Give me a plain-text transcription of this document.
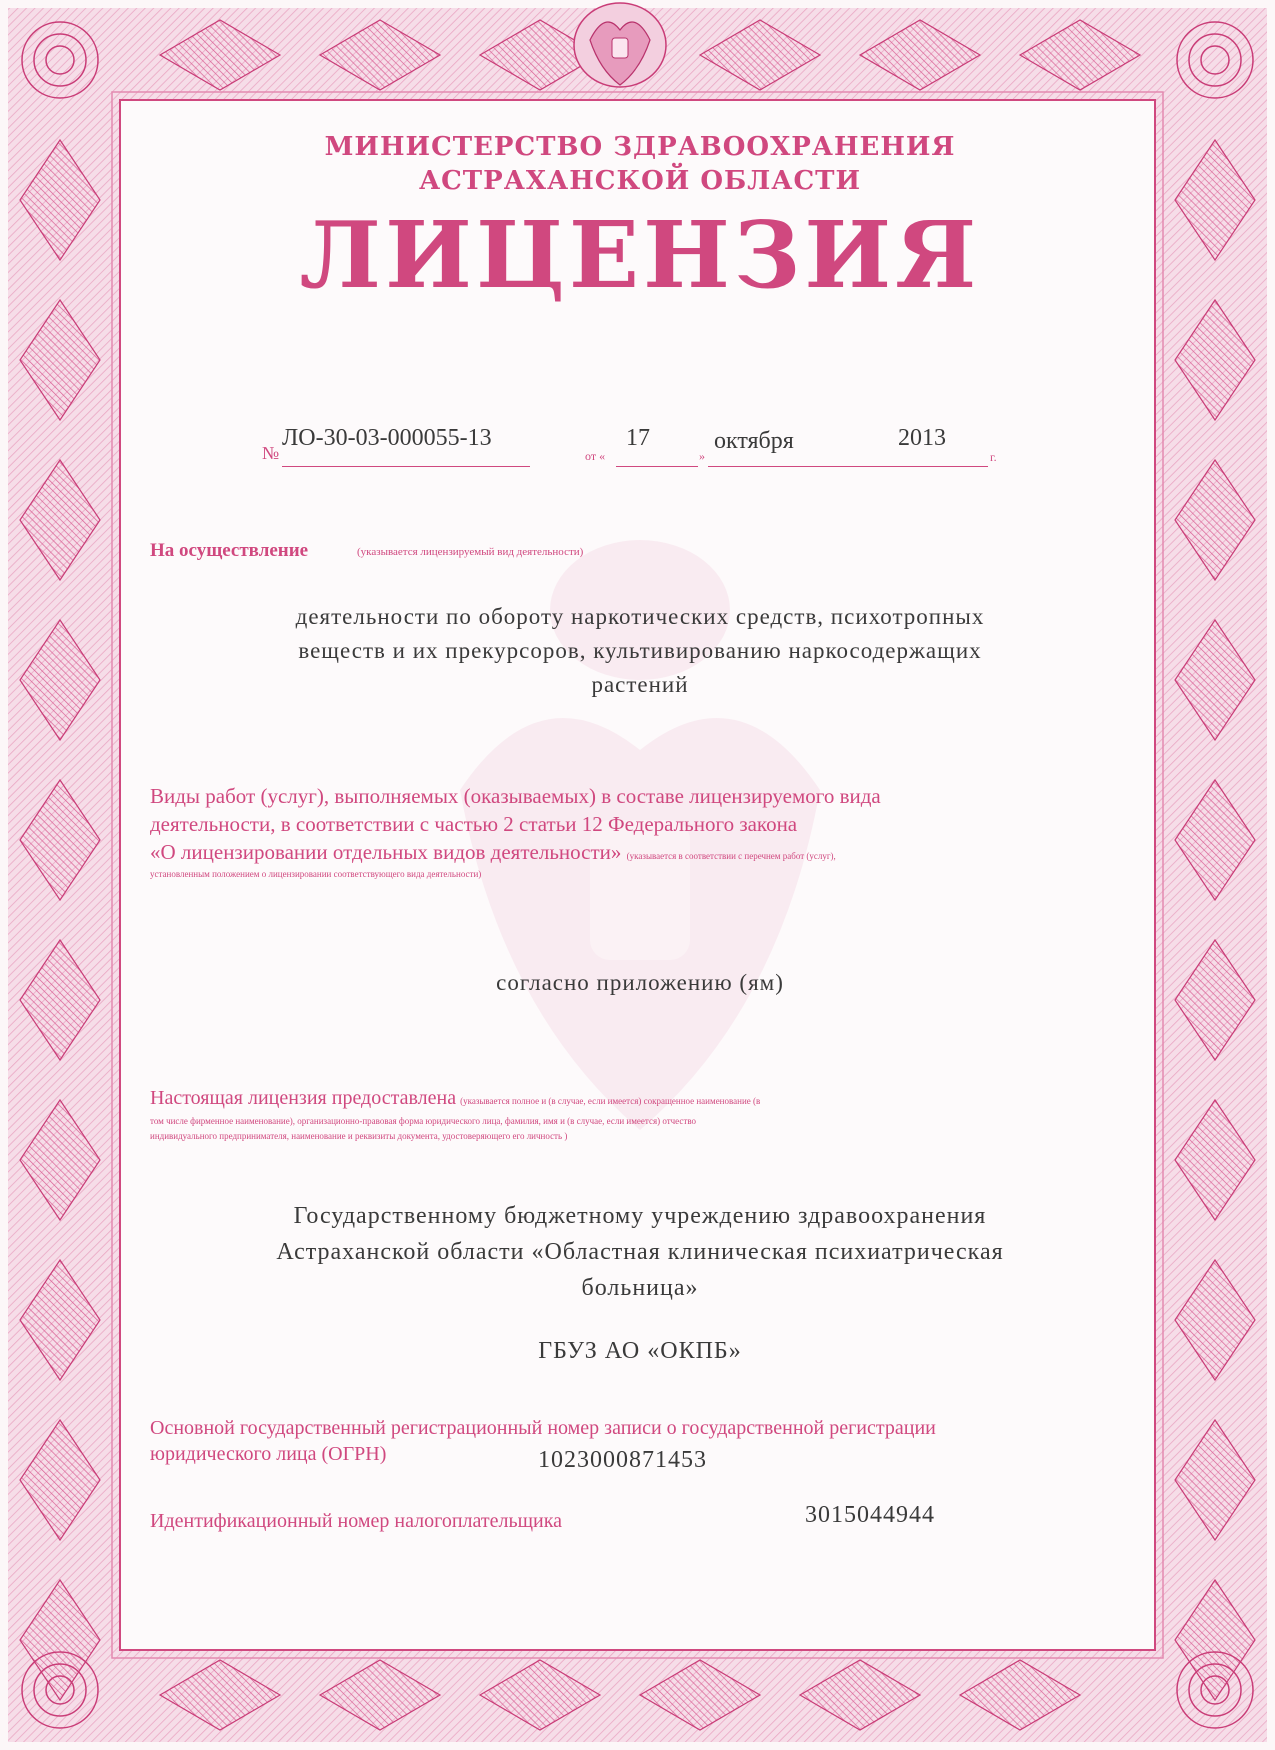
МИНИСТЕРСТВО ЗДРАВООХРАНЕНИЯ
АСТРАХАНСКОЙ ОБЛАСТИ
ЛИЦЕНЗИЯ
№
ЛО-30-03-000055-13
от «
17
»
октября	2013
г.
На осуществление	(указывается лицензируемый вид деятельности)
деятельности по обороту наркотических средств, психотропных
веществ и их прекурсоров, культивированию наркосодержащих
растений
Виды работ (услуг), выполняемых (оказываемых) в составе лицензируемого вида
деятельности, в соответствии с частью 2 статьи 12 Федерального закона
«О лицензировании отдельных видов деятельности» (указывается в соответствии с перечнем работ (услуг),
установленным положением о лицензировании соответствующего вида деятельности)
согласно приложению (ям)
Настоящая лицензия предоставлена (указывается полное и (в случае, если имеется) сокращенное наименование (в
том числе фирменное наименование), организационно-правовая форма юридического лица, фамилия, имя и (в случае, если имеется) отчество
индивидуального предпринимателя, наименование и реквизиты документа, удостоверяющего его личность )
Государственному бюджетному учреждению здравоохранения
Астраханской области «Областная клиническая психиатрическая
больница»
ГБУЗ АО «ОКПБ»
Основной государственный регистрационный номер записи о государственной регистрации
юридического лица (ОГРН)	1023000871453
Идентификационный номер налогоплательщика	3015044944
